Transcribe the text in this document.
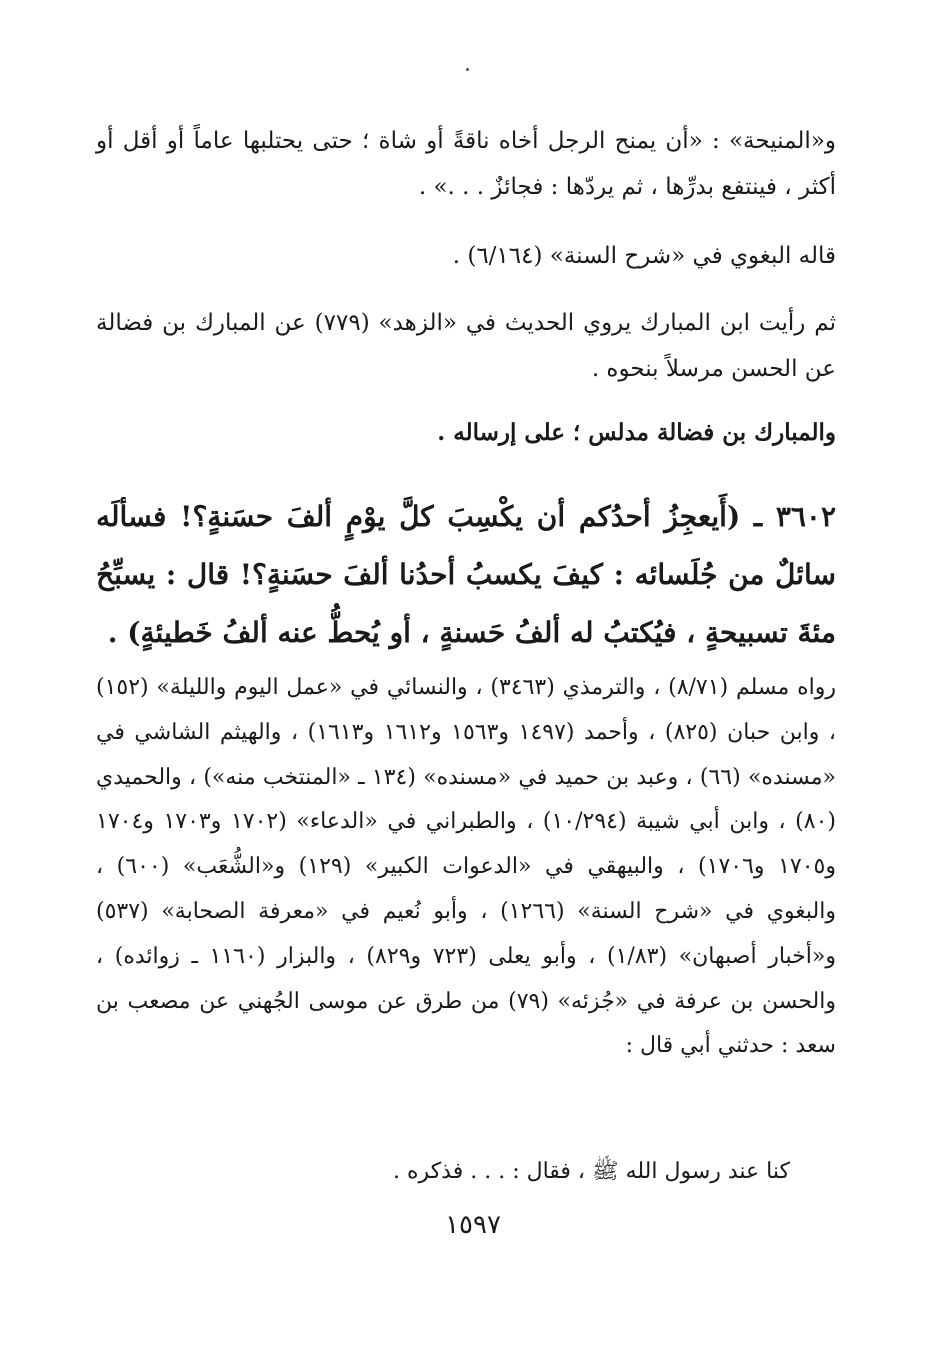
و«المنيحة» : «أن يمنح الرجل أخاه ناقةً أو شاة ؛ حتى يحتلبها عاماً أو أقل أو أكثر ، فينتفع بدرِّها ، ثم يردّها : فجائزٌ . . .» .

قاله البغوي في «شرح السنة» (٦/١٦٤) .

ثم رأيت ابن المبارك يروي الحديث في «الزهد» (٧٧٩) عن المبارك بن فضالة عن الحسن مرسلاً بنحوه .

والمبارك بن فضالة مدلس ؛ على إرساله .

٣٦٠٢ ـ (أَيعجِزُ أحدُكم أن يكْسِبَ كلَّ يوْمٍ ألفَ حسَنةٍ؟! فسألَه سائلٌ من جُلَسائه : كيفَ يكسبُ أحدُنا ألفَ حسَنةٍ؟! قال : يسبِّحُ مئةَ تسبيحةٍ ، فيُكتبُ له ألفُ حَسنةٍ ، أو يُحطُّ عنه ألفُ خَطيئةٍ) .

رواه مسلم (٨/٧١) ، والترمذي (٣٤٦٣) ، والنسائي في «عمل اليوم والليلة» (١٥٢) ، وابن حبان (٨٢٥) ، وأحمد (١٤٩٧ و١٥٦٣ و١٦١٢ و١٦١٣) ، والهيثم الشاشي في «مسنده» (٦٦) ، وعبد بن حميد في «مسنده» (١٣٤ ـ «المنتخب منه») ، والحميدي (٨٠) ، وابن أبي شيبة (١٠/٢٩٤) ، والطبراني في «الدعاء» (١٧٠٢ و١٧٠٣ و١٧٠٤ و١٧٠٥ و١٧٠٦) ، والبيهقي في «الدعوات الكبير» (١٢٩) و«الشُّعَب» (٦٠٠) ، والبغوي في «شرح السنة» (١٢٦٦) ، وأبو نُعيم في «معرفة الصحابة» (٥٣٧) و«أخبار أصبهان» (١/٨٣) ، وأبو يعلى (٧٢٣ و٨٢٩) ، والبزار (١١٦٠ ـ زوائده) ، والحسن بن عرفة في «جُزئه» (٧٩) من طرق عن موسى الجُهني عن مصعب بن سعد : حدثني أبي قال :

كنا عند رسول الله ﷺ ، فقال : . . . فذكره .

١٥٩٧
